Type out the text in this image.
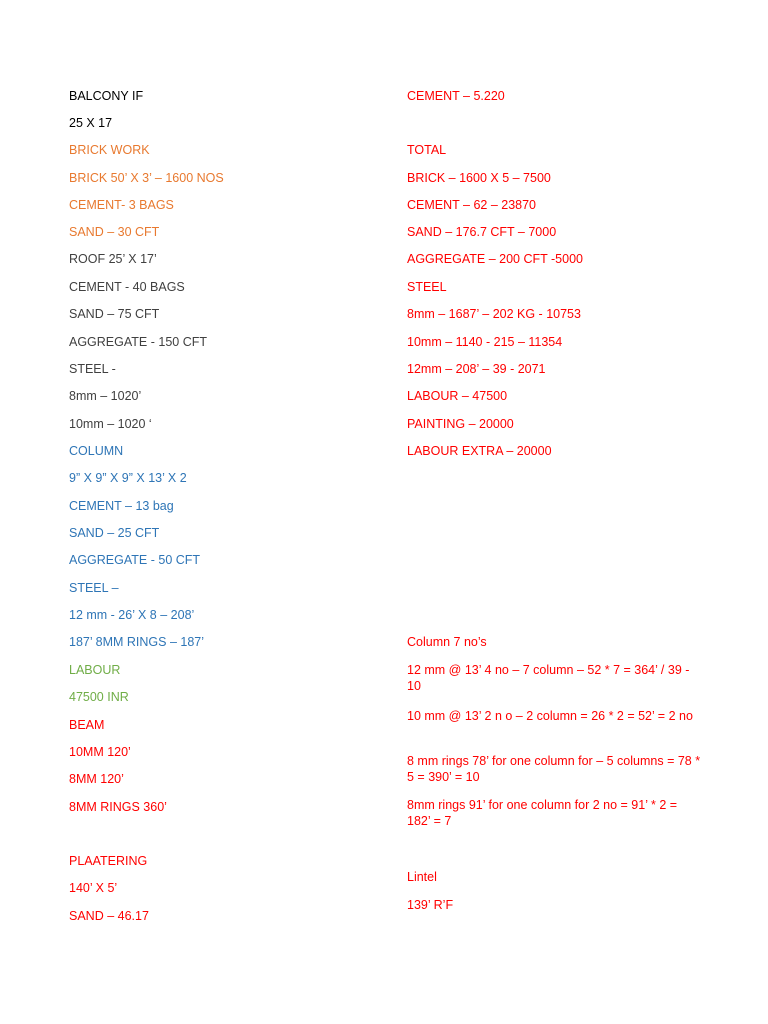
BALCONY IF
25 X 17
BRICK WORK
BRICK 50’ X 3’ – 1600 NOS
CEMENT- 3 BAGS
SAND – 30 CFT
ROOF 25’ X 17’
CEMENT - 40 BAGS
SAND – 75 CFT
AGGREGATE - 150 CFT
STEEL -
8mm – 1020’
10mm – 1020 ‘
COLUMN
9” X 9” X 9” X 13’ X 2
CEMENT – 13 bag
SAND – 25 CFT
AGGREGATE - 50 CFT
STEEL –
12 mm - 26’ X 8 – 208’
187’ 8MM RINGS – 187’
LABOUR
47500 INR
BEAM
10MM 120’
8MM 120’
8MM RINGS 360’
PLAATERING
140’ X 5’
SAND – 46.17
CEMENT – 5.220
TOTAL
BRICK – 1600 X 5 – 7500
CEMENT – 62 – 23870
SAND – 176.7 CFT – 7000
AGGREGATE – 200 CFT -5000
STEEL
8mm – 1687’ – 202 KG - 10753
10mm – 1140 - 215 – 11354
12mm – 208’ – 39 - 2071
LABOUR – 47500
PAINTING – 20000
LABOUR EXTRA – 20000
Column 7 no’s
12 mm @ 13’ 4 no – 7 column – 52 * 7 = 364’ / 39 - 10
10 mm @ 13’ 2 n o – 2 column = 26 * 2 = 52’ = 2 no
8 mm rings 78’ for one column for – 5 columns = 78 * 5 = 390’ = 10
8mm rings 91’ for one column for 2 no = 91’ * 2 = 182’ = 7
Lintel
139’ R’F
